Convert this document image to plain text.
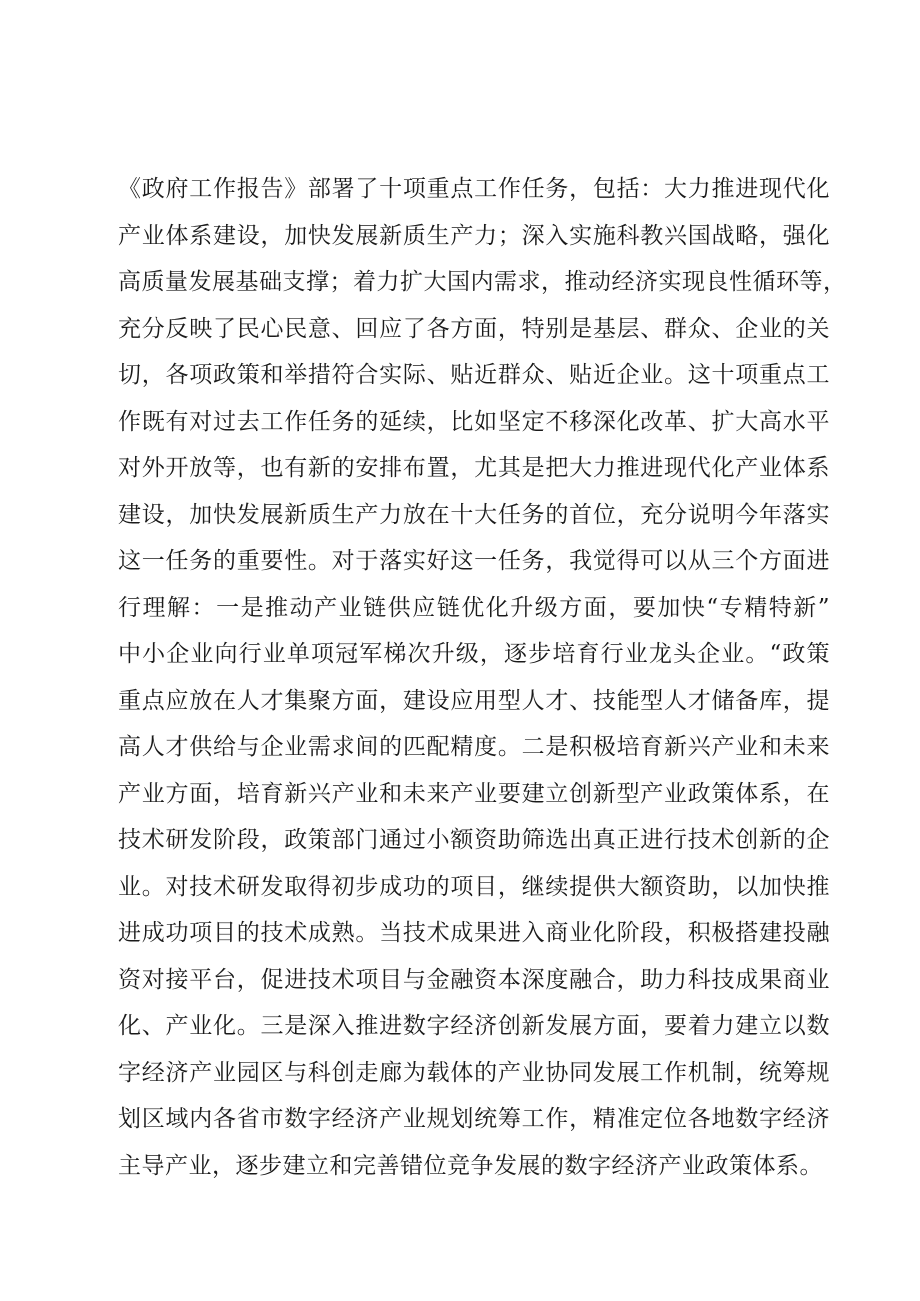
《政府工作报告》部署了十项重点工作任务，包括：大力推进现代化
产业体系建设，加快发展新质生产力；深入实施科教兴国战略，强化
高质量发展基础支撑；着力扩大国内需求，推动经济实现良性循环等，
充分反映了民心民意、回应了各方面，特别是基层、群众、企业的关
切，各项政策和举措符合实际、贴近群众、贴近企业。这十项重点工
作既有对过去工作任务的延续，比如坚定不移深化改革、扩大高水平
对外开放等，也有新的安排布置，尤其是把大力推进现代化产业体系
建设，加快发展新质生产力放在十大任务的首位，充分说明今年落实
这一任务的重要性。对于落实好这一任务，我觉得可以从三个方面进
行理解：一是推动产业链供应链优化升级方面，要加快“专精特新”
中小企业向行业单项冠军梯次升级，逐步培育行业龙头企业。“政策
重点应放在人才集聚方面，建设应用型人才、技能型人才储备库，提
高人才供给与企业需求间的匹配精度。二是积极培育新兴产业和未来
产业方面，培育新兴产业和未来产业要建立创新型产业政策体系，在
技术研发阶段，政策部门通过小额资助筛选出真正进行技术创新的企
业。对技术研发取得初步成功的项目，继续提供大额资助，以加快推
进成功项目的技术成熟。当技术成果进入商业化阶段，积极搭建投融
资对接平台，促进技术项目与金融资本深度融合，助力科技成果商业
化、产业化。三是深入推进数字经济创新发展方面，要着力建立以数
字经济产业园区与科创走廊为载体的产业协同发展工作机制，统筹规
划区域内各省市数字经济产业规划统筹工作，精准定位各地数字经济
主导产业，逐步建立和完善错位竞争发展的数字经济产业政策体系。
